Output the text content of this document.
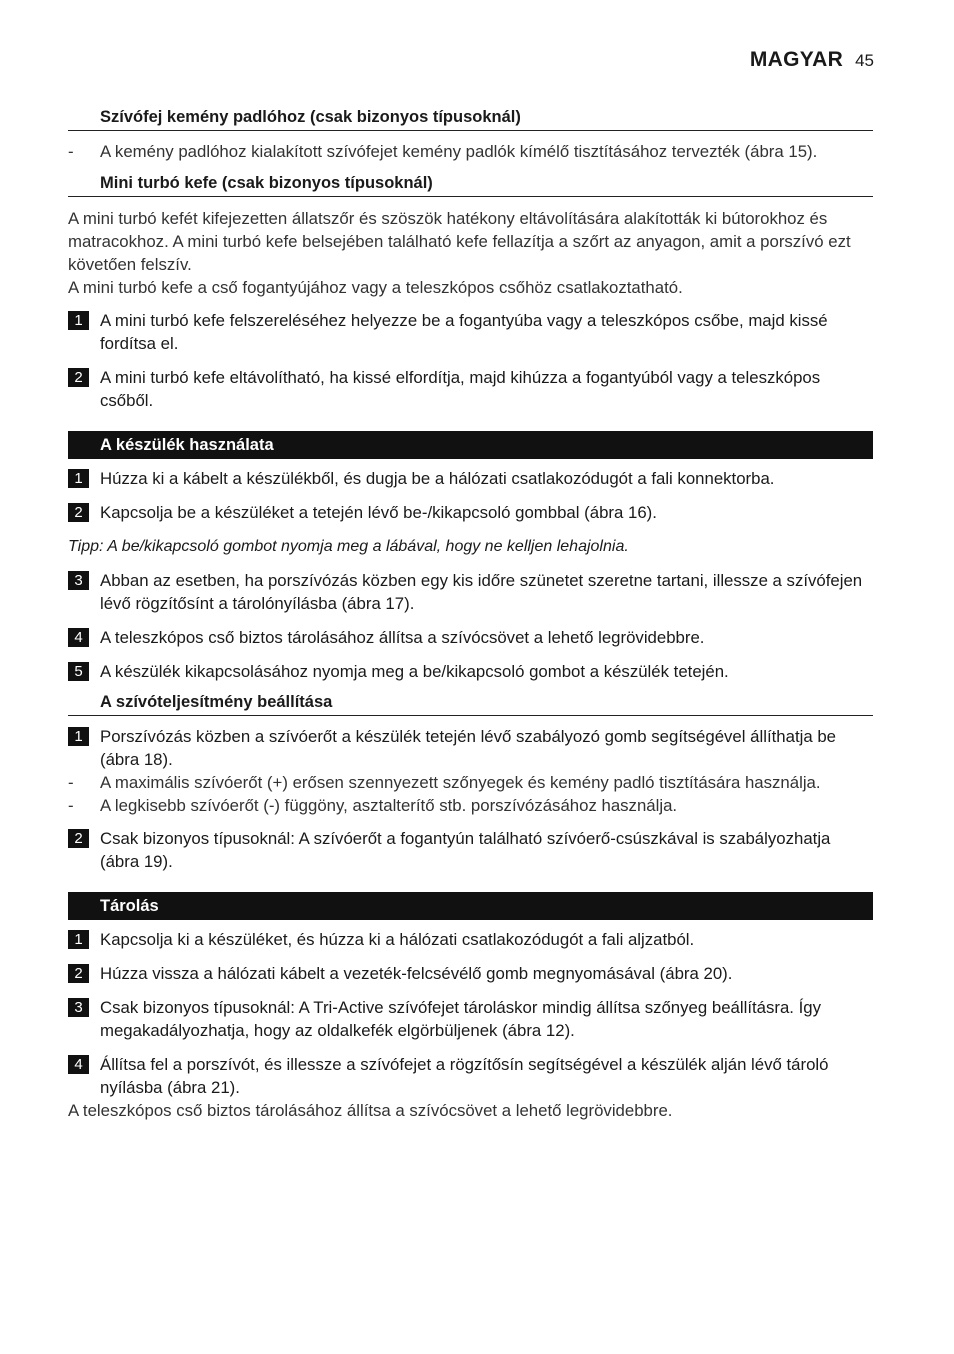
MAGYAR 45
Szívófej kemény padlóhoz (csak bizonyos típusoknál)
-	A kemény padlóhoz kialakított szívófejet kemény padlók kímélő tisztításához tervezték (ábra 15).
Mini turbó kefe (csak bizonyos típusoknál)

A mini turbó kefét kifejezetten állatszőr és szöszök hatékony eltávolítására alakították ki bútorokhoz és matracokhoz. A mini turbó kefe belsejében található kefe fellazítja a szőrt az anyagon, amit a porszívó ezt követően felszív.

A mini turbó kefe a cső fogantyújához vagy a teleszkópos csőhöz csatlakoztatható.

1	A mini turbó kefe felszereléséhez helyezze be a fogantyúba vagy a teleszkópos csőbe, majd kissé fordítsa el.
2	A mini turbó kefe eltávolítható, ha kissé elfordítja, majd kihúzza a fogantyúból vagy a teleszkópos csőből.
A készülék használata
1	Húzza ki a kábelt a készülékből, és dugja be a hálózati csatlakozódugót a fali konnektorba.
2	Kapcsolja be a készüléket a tetején lévő be-/kikapcsoló gombbal (ábra 16).

Tipp: A be/kikapcsoló gombot nyomja meg a lábával, hogy ne kelljen lehajolnia.

3	Abban az esetben, ha porszívózás közben egy kis időre szünetet szeretne tartani, illessze a szívófejen lévő rögzítősínt a tárolónyílásba (ábra 17).
4	A teleszkópos cső biztos tárolásához állítsa a szívócsövet a lehető legrövidebbre.
5	A készülék kikapcsolásához nyomja meg a be/kikapcsoló gombot a készülék tetején.
A szívóteljesítmény beállítása
1	Porszívózás közben a szívóerőt a készülék tetején lévő szabályozó gomb segítségével állíthatja be (ábra 18).
-	A maximális szívóerőt (+) erősen szennyezett szőnyegek és kemény padló tisztítására használja.
-	A legkisebb szívóerőt (-) függöny, asztalterítő stb. porszívózásához használja.
2	Csak bizonyos típusoknál: A szívóerőt a fogantyún található szívóerő-csúszkával is szabályozhatja (ábra 19).
Tárolás
1	Kapcsolja ki a készüléket, és húzza ki a hálózati csatlakozódugót a fali aljzatból.
2	Húzza vissza a hálózati kábelt a vezeték-felcsévélő gomb megnyomásával (ábra 20).
3	Csak bizonyos típusoknál: A Tri-Active szívófejet tároláskor mindig állítsa szőnyeg beállításra. Így megakadályozhatja, hogy az oldalkefék elgörbüljenek (ábra 12).
4	Állítsa fel a porszívót, és illessze a szívófejet a rögzítősín segítségével a készülék alján lévő tároló nyílásba (ábra 21).

A teleszkópos cső biztos tárolásához állítsa a szívócsövet a lehető legrövidebbre.
